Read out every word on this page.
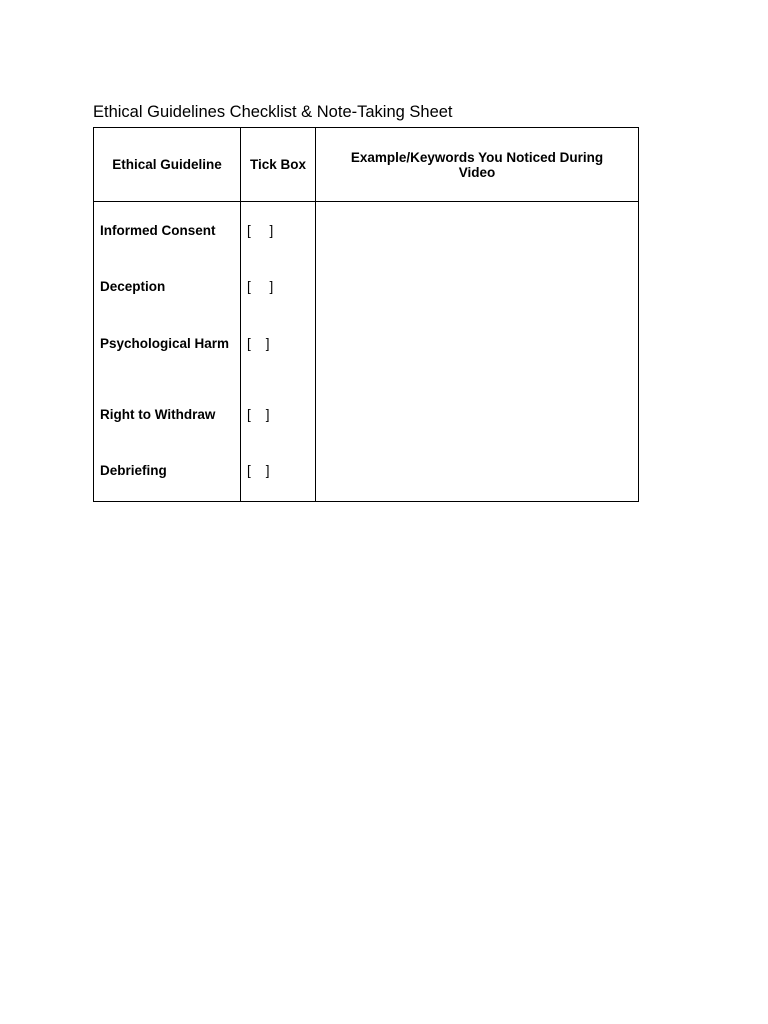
Ethical Guidelines Checklist & Note-Taking Sheet
Ethical Guideline	Tick Box	Example/Keywords You Noticed During Video

Informed Consent	[     ]	

Deception	[     ]	

Psychological Harm	[    ]	

Right to Withdraw	[    ]	

Debriefing	[    ]	
